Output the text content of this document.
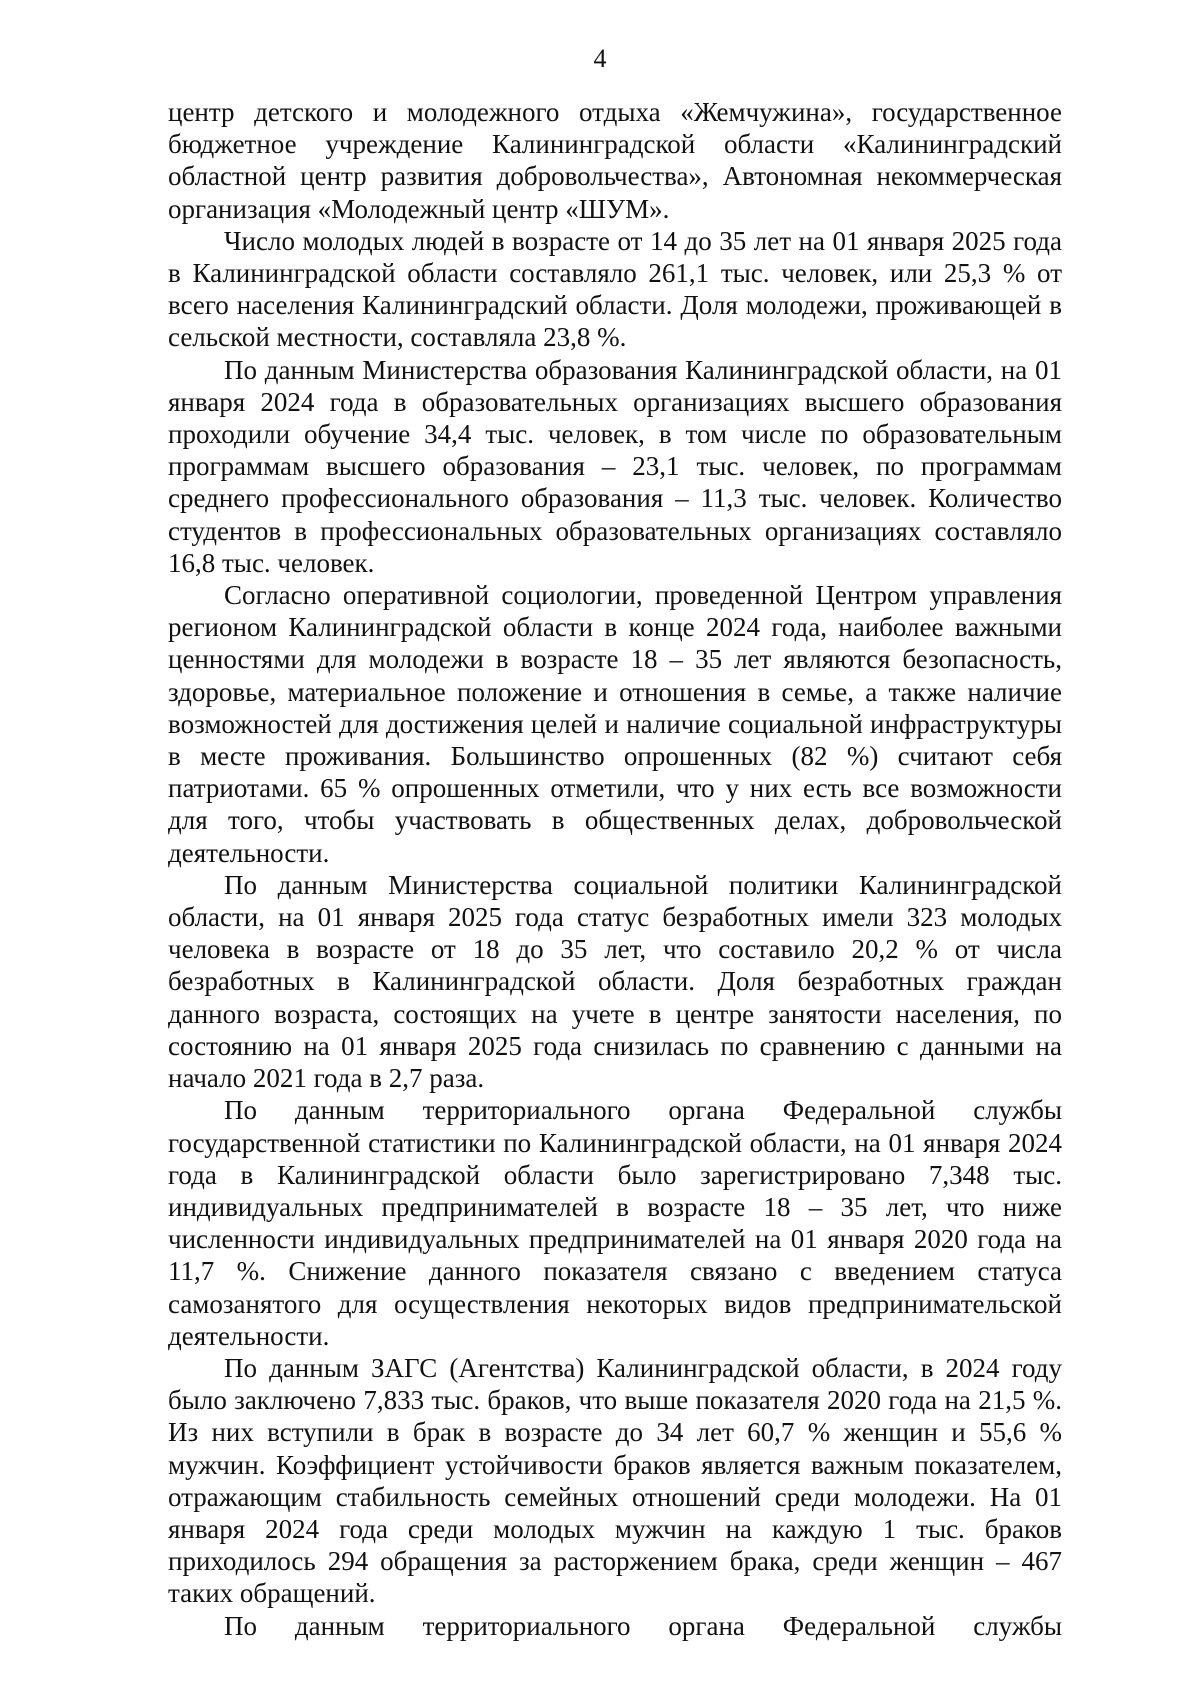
4

центр детского и молодежного отдыха «Жемчужина», государственное бюджетное учреждение Калининградской области «Калининградский областной центр развития добровольчества», Автономная некоммерческая организация «Молодежный центр «ШУМ».

Число молодых людей в возрасте от 14 до 35 лет на 01 января 2025 года в Калининградской области составляло 261,1 тыс. человек, или 25,3 % от всего населения Калининградский области. Доля молодежи, проживающей в сельской местности, составляла 23,8 %.

По данным Министерства образования Калининградской области, на 01 января 2024 года в образовательных организациях высшего образования проходили обучение 34,4 тыс. человек, в том числе по образовательным программам высшего образования – 23,1 тыс. человек, по программам среднего профессионального образования – 11,3 тыс. человек. Количество студентов в профессиональных образовательных организациях составляло 16,8 тыс. человек.

Согласно оперативной социологии, проведенной Центром управления регионом Калининградской области в конце 2024 года, наиболее важными ценностями для молодежи в возрасте 18 – 35 лет являются безопасность, здоровье, материальное положение и отношения в семье, а также наличие возможностей для достижения целей и наличие социальной инфраструктуры в месте проживания. Большинство опрошенных (82 %) считают себя патриотами. 65 % опрошенных отметили, что у них есть все возможности для того, чтобы участвовать в общественных делах, добровольческой деятельности.

По данным Министерства социальной политики Калининградской области, на 01 января 2025 года статус безработных имели 323 молодых человека в возрасте от 18 до 35 лет, что составило 20,2 % от числа безработных в Калининградской области. Доля безработных граждан данного возраста, состоящих на учете в центре занятости населения, по состоянию на 01 января 2025 года снизилась по сравнению с данными на начало 2021 года в 2,7 раза.

По данным территориального органа Федеральной службы государственной статистики по Калининградской области, на 01 января 2024 года в Калининградской области было зарегистрировано 7,348 тыс. индивидуальных предпринимателей в возрасте 18 – 35 лет, что ниже численности индивидуальных предпринимателей на 01 января 2020 года на 11,7 %. Снижение данного показателя связано с введением статуса самозанятого для осуществления некоторых видов предпринимательской деятельности.

По данным ЗАГС (Агентства) Калининградской области, в 2024 году было заключено 7,833 тыс. браков, что выше показателя 2020 года на 21,5 %. Из них вступили в брак в возрасте до 34 лет 60,7 % женщин и 55,6 % мужчин. Коэффициент устойчивости браков является важным показателем, отражающим стабильность семейных отношений среди молодежи. На 01 января 2024 года среди молодых мужчин на каждую 1 тыс. браков приходилось 294 обращения за расторжением брака, среди женщин – 467 таких обращений.

По данным территориального органа Федеральной службы
